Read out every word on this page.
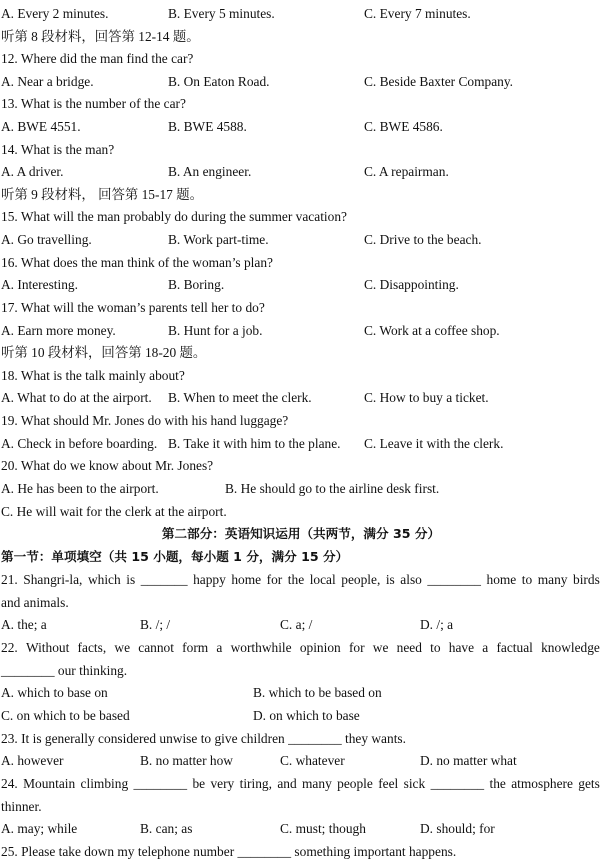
A. Every 2 minutes.	B. Every 5 minutes.	C. Every 7 minutes.
听第 8 段材料，回答第 12-14 题。
12. Where did the man find the car?
A. Near a bridge.	B. On Eaton Road.	C. Beside Baxter Company.
13. What is the number of the car?
A. BWE 4551.	B. BWE 4588.	C. BWE 4586.
14. What is the man?
A. A driver.	B. An engineer.	C. A repairman.
听第 9 段材料， 回答第 15-17 题。
15. What will the man probably do during the summer vacation?
A. Go travelling.	B. Work part-time.	C. Drive to the beach.
16. What does the man think of the woman’s plan?
A. Interesting.	B. Boring.	C. Disappointing.
17. What will the woman’s parents tell her to do?
A. Earn more money.	B. Hunt for a job.	C. Work at a coffee shop.
听第 10 段材料，回答第 18-20 题。
18. What is the talk mainly about?
A. What to do at the airport. B. When to meet the clerk.	C. How to buy a ticket.
19. What should Mr. Jones do with his hand luggage?
A. Check in before boarding. B. Take it with him to the plane. C. Leave it with the clerk.
20. What do we know about Mr. Jones?
A. He has been to the airport.	B. He should go to the airline desk first.
C. He will wait for the clerk at the airport.
第二部分：英语知识运用（共两节，满分 35 分）
第一节：单项填空（共 15 小题，每小题 1 分，满分 15 分）
21. Shangri-la, which is _______ happy home for the local people, is also ________ home to many birds
and animals.
A. the; a	B. /; /	C. a; /	D. /; a
22. Without facts, we cannot form a worthwhile opinion for we need to have a factual knowledge
________ our thinking.
A. which to base on	B. which to be based on
C. on which to be based	D. on which to base
23. It is generally considered unwise to give children ________ they wants.
A. however	B. no matter how	C. whatever	D. no matter what
24. Mountain climbing ________ be very tiring, and many people feel sick ________ the atmosphere gets
thinner.
A. may; while	B. can; as	C. must; though	D. should; for
25. Please take down my telephone number ________ something important happens.
